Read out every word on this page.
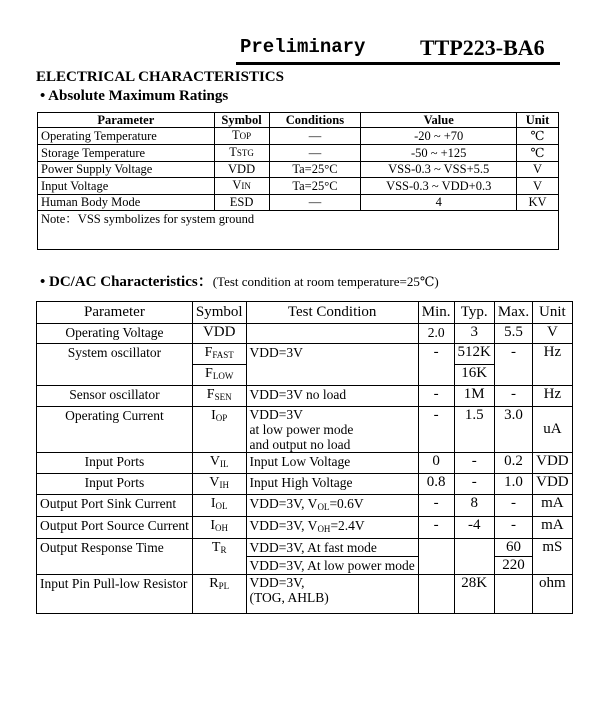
Preliminary TTP223-BA6
ELECTRICAL CHARACTERISTICS
• Absolute Maximum Ratings
Parameter	Symbol	Conditions	Value	Unit
Operating Temperature	TOP	—	-20 ~ +70	℃
Storage Temperature	TSTG	—	-50 ~ +125	℃
Power Supply Voltage	VDD	Ta=25°C	VSS-0.3 ~ VSS+5.5	V
Input Voltage	VIN	Ta=25°C	VSS-0.3 ~ VDD+0.3	V
Human Body Mode	ESD	—	4	KV
Note：VSS symbolizes for system ground				
• DC/AC Characteristics：(Test condition at room temperature=25℃)
Parameter	Symbol	Test Condition	Min.	Typ.	Max.	Unit
Operating Voltage	VDD		2.0	3	5.5	V
System oscillator	$F_{FAST}$	VDD=3V	-	512K	-	Hz
	$F_{LOW}$			16K		
Sensor oscillator	$F_{SEN}$	VDD=3V no load	-	1M	-	Hz
Operating Current	$I_{OP}$	VDD=3V
at low power mode
and output no load	-	1.5	3.0	uA
Input Ports	$V_{IL}$	Input Low Voltage	0	-	0.2	VDD
Input Ports	$V_{IH}$	Input High Voltage	0.8	-	1.0	VDD
Output Port Sink Current	$I_{OL}$	VDD=3V, $V_{OL}=0.6V$	-	8	-	mA
Output Port Source Current	$I_{OH}$	VDD=3V, $V_{OH}=2.4V$	-	-4	-	mA
Output Response Time	$T_R$	VDD=3V, At fast mode			60	mS
		VDD=3V, At low power mode			220	
Input Pin Pull-low Resistor	$R_{PL}$	VDD=3V,
(TOG, AHLB)		28K		ohm
